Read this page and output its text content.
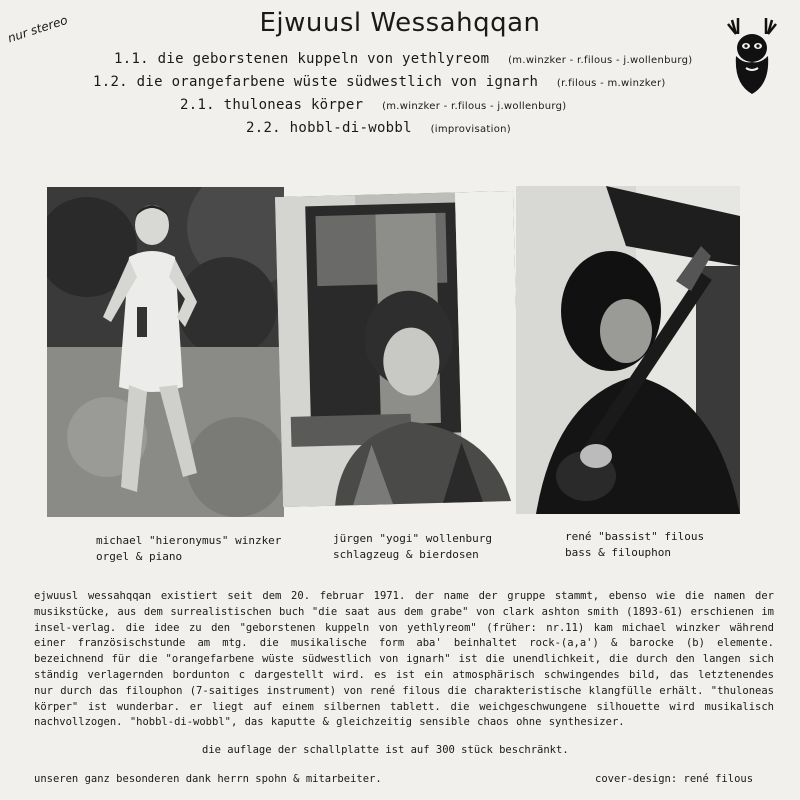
Ejwuusl Wessahqqan
nur stereo
1.1. die geborstenen kuppeln von yethlyreom (m.winzker - r.filous - j.wollenburg)
1.2. die orangefarbene wüste südwestlich von ignarh (r.filous - m.winzker)
2.1. thuloneas körper (m.winzker - r.filous - j.wollenburg)
2.2. hobbl-di-wobbl (improvisation)
michael "hieronymus" winzker
orgel & piano
jürgen "yogi" wollenburg
schlagzeug & bierdosen
rené "bassist" filous
bass & filouphon
ejwuusl wessahqqan existiert seit dem 20. februar 1971. der name der gruppe stammt, ebenso wie die namen der musikstücke, aus dem surrealistischen buch "die saat aus dem grabe" von clark ashton smith (1893-61) erschienen im insel-verlag. die idee zu den "geborstenen kuppeln von yethlyreom" (früher: nr.11) kam michael winzker während einer französischstunde am mtg. die musikalische form aba' beinhaltet rock-(a,a') & barocke (b) elemente. bezeichnend für die "orangefarbene wüste südwestlich von ignarh" ist die unendlichkeit, die durch den langen sich ständig verlagernden bordunton c dargestellt wird. es ist ein atmosphärisch schwingendes bild, das letztenendes nur durch das filouphon (7-saitiges instrument) von rené filous die charakteristische klangfülle erhält. "thuloneas körper" ist wunderbar. er liegt auf einem silbernen tablett. die weichgeschwungene silhouette wird musikalisch nachvollzogen. "hobbl-di-wobbl", das kaputte & gleichzeitig sensible chaos ohne synthesizer.
die auflage der schallplatte ist auf 300 stück beschränkt.
unseren ganz besonderen dank herrn spohn & mitarbeiter.	cover-design: rené filous
